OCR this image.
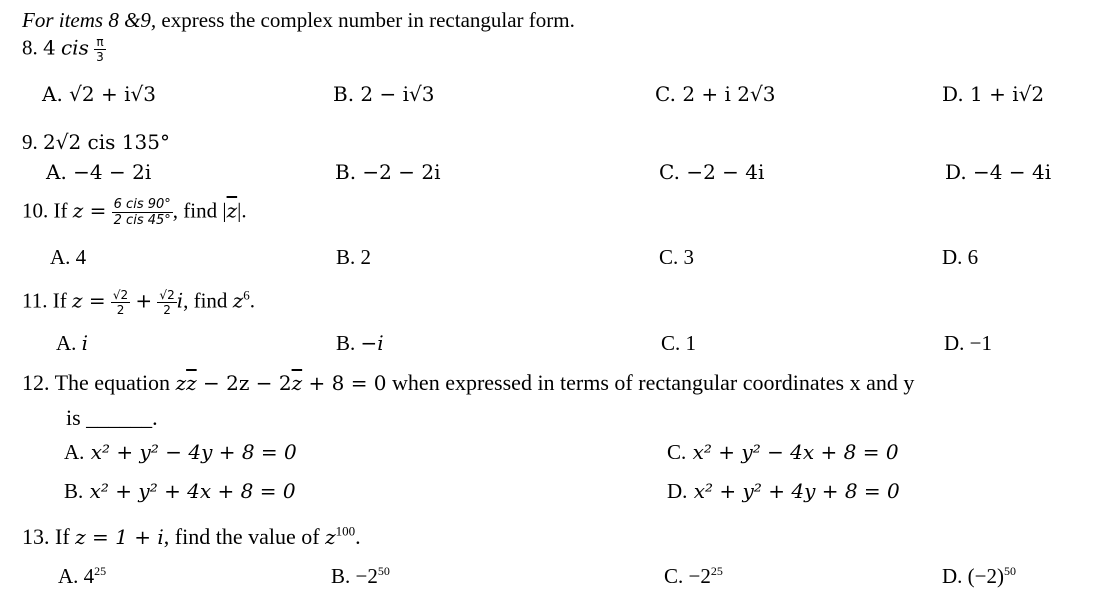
For items 8 &9, express the complex number in rectangular form.
8. 4 cis $\frac{\pi}{3}$
A. √2 + i√3	B. 2 − i√3	C. 2 + i 2√3	D. 1 + i√2
9. 2√2 cis 135°
A. −4 − 2i	B. −2 − 2i	C. −2 − 4i	D. −4 − 4i
10. If $z = \frac{\text{6 cis 90°}}{\text{2 cis 45°}}$ , find $|\overline{z}|$.
A. 4	B. 2	C. 3	D. 6
11. If $z = \frac{√2}{2} + \frac{√2}{2} i$, find $z^6$.
A. i	B. −i	C. 1	D. −1
12. The equation $z\overline{z} - 2z - 2\overline{z} + 8 = 0$ when expressed in terms of rectangular coordinates x and y
is ______.
A. x² + y² − 4y + 8 = 0
B. x² + y² + 4x + 8 = 0
C. x² + y² − 4x + 8 = 0
D. x² + y² + 4y + 8 = 0
13. If z = 1 + i, find the value of $z^{100}$.
A. $4^{25}$	B. $-2^{50}$	C. $-2^{25}$	D. $(-2)^{50}$
